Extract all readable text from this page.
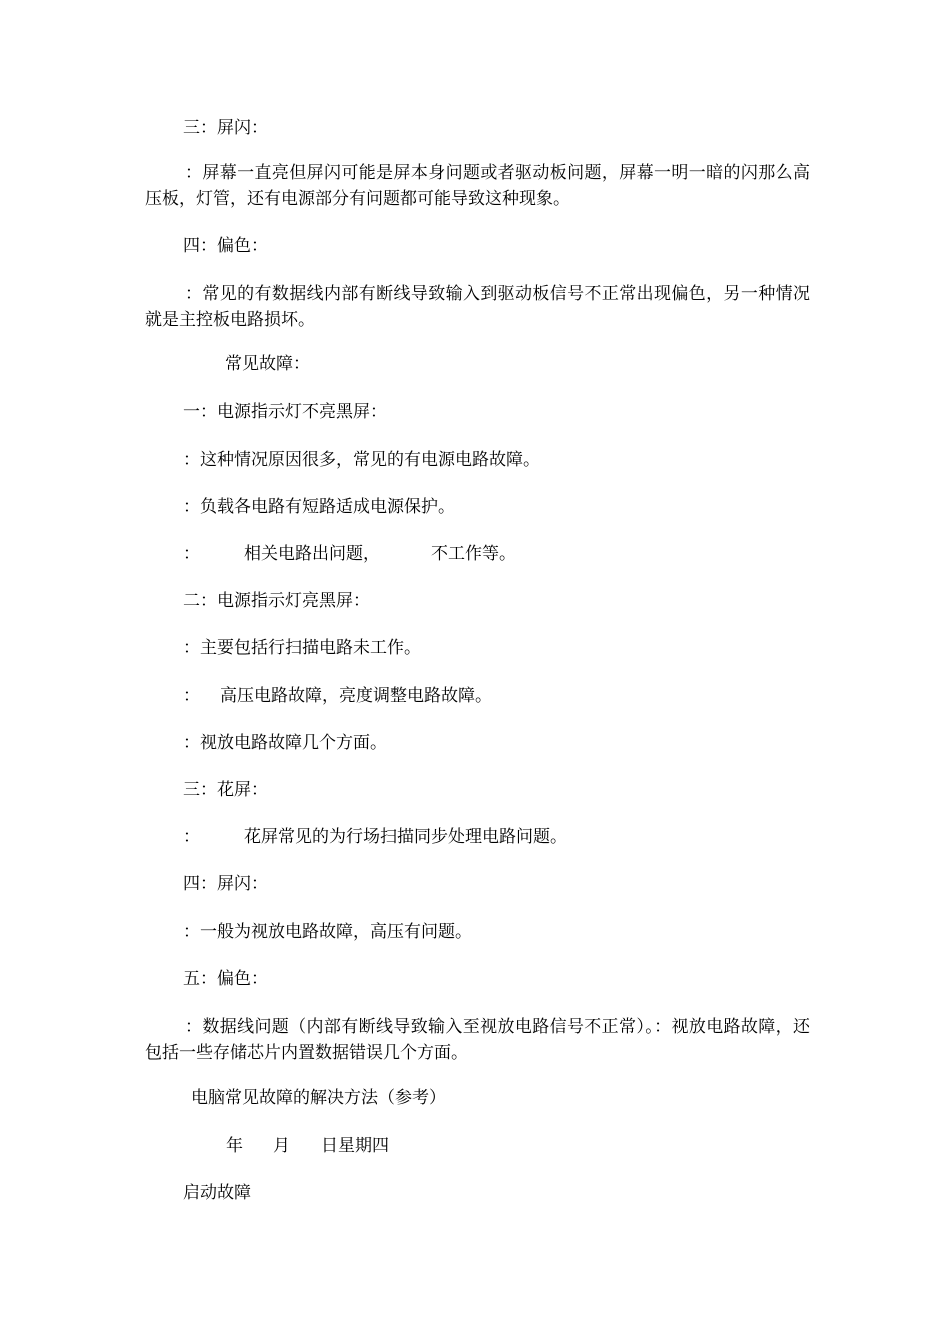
三：屏闪：
：屏幕一直亮但屏闪可能是屏本身问题或者驱动板问题，屏幕一明一暗的闪那么高压板，灯管，还有电源部分有问题都可能导致这种现象。
四：偏色：
：常见的有数据线内部有断线导致输入到驱动板信号不正常出现偏色，另一种情况就是主控板电路损坏。
常见故障：
一：电源指示灯不亮黑屏：
：这种情况原因很多，常见的有电源电路故障。
：负载各电路有短路适成电源保护。
：	相关电路出问题，	不工作等。
二：电源指示灯亮黑屏：
：主要包括行扫描电路未工作。
： 高压电路故障，亮度调整电路故障。
：视放电路故障几个方面。
三：花屏：
：	花屏常见的为行场扫描同步处理电路问题。
四：屏闪：
：一般为视放电路故障，高压有问题。
五：偏色：
：数据线问题（内部有断线导致输入至视放电路信号不正常）。：视放电路故障，还包括一些存储芯片内置数据错误几个方面。
电脑常见故障的解决方法（参考）
年 月 日星期四
启动故障
